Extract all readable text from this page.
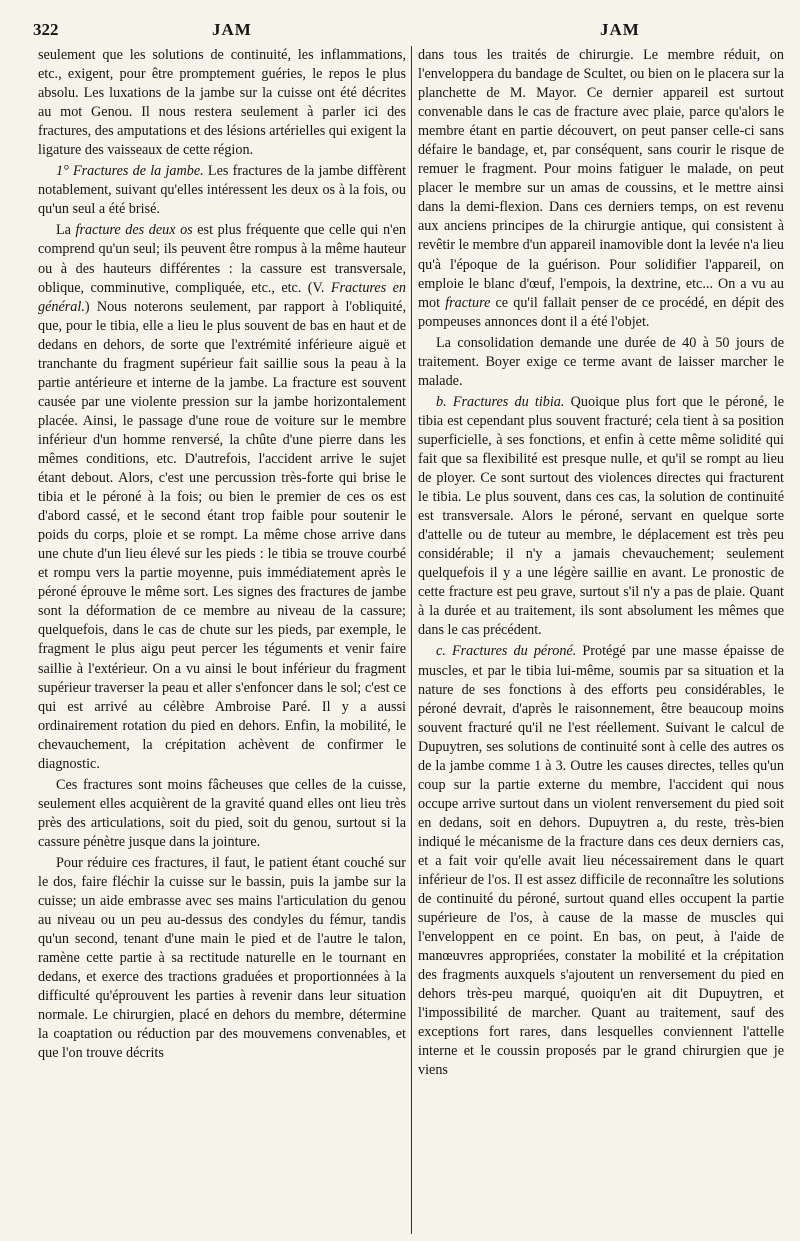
322	JAM	JAM

seulement que les solutions de continuité, les inflammations, etc., exigent, pour être promptement guéries, le repos le plus absolu. Les luxations de la jambe sur la cuisse ont été décrites au mot Genou. Il nous restera seulement à parler ici des fractures, des amputations et des lésions artérielles qui exigent la ligature des vaisseaux de cette région.

1° Fractures de la jambe. Les fractures de la jambe diffèrent notablement, suivant qu'elles intéressent les deux os à la fois, ou qu'un seul a été brisé.

La fracture des deux os est plus fréquente que celle qui n'en comprend qu'un seul; ils peuvent être rompus à la même hauteur ou à des hauteurs différentes : la cassure est transversale, oblique, comminutive, compliquée, etc., etc. (V. Fractures en général.) Nous noterons seulement, par rapport à l'obliquité, que, pour le tibia, elle a lieu le plus souvent de bas en haut et de dedans en dehors, de sorte que l'extrémité inférieure aiguë et tranchante du fragment supérieur fait saillie sous la peau à la partie antérieure et interne de la jambe. La fracture est souvent causée par une violente pression sur la jambe horizontalement placée. Ainsi, le passage d'une roue de voiture sur le membre inférieur d'un homme renversé, la chûte d'une pierre dans les mêmes conditions, etc. D'autrefois, l'accident arrive le sujet étant debout. Alors, c'est une percussion très-forte qui brise le tibia et le péroné à la fois; ou bien le premier de ces os est d'abord cassé, et le second étant trop faible pour soutenir le poids du corps, ploie et se rompt. La même chose arrive dans une chute d'un lieu élevé sur les pieds : le tibia se trouve courbé et rompu vers la partie moyenne, puis immédiatement après le péroné éprouve le même sort. Les signes des fractures de jambe sont la déformation de ce membre au niveau de la cassure; quelquefois, dans le cas de chute sur les pieds, par exemple, le fragment le plus aigu peut percer les téguments et venir faire saillie à l'extérieur. On a vu ainsi le bout inférieur du fragment supérieur traverser la peau et aller s'enfoncer dans le sol; c'est ce qui est arrivé au célèbre Ambroise Paré. Il y a aussi ordinairement rotation du pied en dehors. Enfin, la mobilité, le chevauchement, la crépitation achèvent de confirmer le diagnostic.

Ces fractures sont moins fâcheuses que celles de la cuisse, seulement elles acquièrent de la gravité quand elles ont lieu très près des articulations, soit du pied, soit du genou, surtout si la cassure pénètre jusque dans la jointure.

Pour réduire ces fractures, il faut, le patient étant couché sur le dos, faire fléchir la cuisse sur le bassin, puis la jambe sur la cuisse; un aide embrasse avec ses mains l'articulation du genou au niveau ou un peu au-dessus des condyles du fémur, tandis qu'un second, tenant d'une main le pied et de l'autre le talon, ramène cette partie à sa rectitude naturelle en le tournant en dedans, et exerce des tractions graduées et proportionnées à la difficulté qu'éprouvent les parties à revenir dans leur situation normale. Le chirurgien, placé en dehors du membre, détermine la coaptation ou réduction par des mouvemens convenables, et que l'on trouve décrits

dans tous les traités de chirurgie. Le membre réduit, on l'enveloppera du bandage de Scultet, ou bien on le placera sur la planchette de M. Mayor. Ce dernier appareil est surtout convenable dans le cas de fracture avec plaie, parce qu'alors le membre étant en partie découvert, on peut panser celle-ci sans défaire le bandage, et, par conséquent, sans courir le risque de remuer le fragment. Pour moins fatiguer le malade, on peut placer le membre sur un amas de coussins, et le mettre ainsi dans la demi-flexion. Dans ces derniers temps, on est revenu aux anciens principes de la chirurgie antique, qui consistent à revêtir le membre d'un appareil inamovible dont la levée n'a lieu qu'à l'époque de la guérison. Pour solidifier l'appareil, on emploie le blanc d'œuf, l'empois, la dextrine, etc... On a vu au mot fracture ce qu'il fallait penser de ce procédé, en dépit des pompeuses annonces dont il a été l'objet.

La consolidation demande une durée de 40 à 50 jours de traitement. Boyer exige ce terme avant de laisser marcher le malade.

b. Fractures du tibia. Quoique plus fort que le péroné, le tibia est cependant plus souvent fracturé; cela tient à sa position superficielle, à ses fonctions, et enfin à cette même solidité qui fait que sa flexibilité est presque nulle, et qu'il se rompt au lieu de ployer. Ce sont surtout des violences directes qui fracturent le tibia. Le plus souvent, dans ces cas, la solution de continuité est transversale. Alors le péroné, servant en quelque sorte d'attelle ou de tuteur au membre, le déplacement est très peu considérable; il n'y a jamais chevauchement; seulement quelquefois il y a une légère saillie en avant. Le pronostic de cette fracture est peu grave, surtout s'il n'y a pas de plaie. Quant à la durée et au traitement, ils sont absolument les mêmes que dans le cas précédent.

c. Fractures du péroné. Protégé par une masse épaisse de muscles, et par le tibia lui-même, soumis par sa situation et la nature de ses fonctions à des efforts peu considérables, le péroné devrait, d'après le raisonnement, être beaucoup moins souvent fracturé qu'il ne l'est réellement. Suivant le calcul de Dupuytren, ses solutions de continuité sont à celle des autres os de la jambe comme 1 à 3. Outre les causes directes, telles qu'un coup sur la partie externe du membre, l'accident qui nous occupe arrive surtout dans un violent renversement du pied soit en dedans, soit en dehors. Dupuytren a, du reste, très-bien indiqué le mécanisme de la fracture dans ces deux derniers cas, et a fait voir qu'elle avait lieu nécessairement dans le quart inférieur de l'os. Il est assez difficile de reconnaître les solutions de continuité du péroné, surtout quand elles occupent la partie supérieure de l'os, à cause de la masse de muscles qui l'enveloppent en ce point. En bas, on peut, à l'aide de manœuvres appropriées, constater la mobilité et la crépitation des fragments auxquels s'ajoutent un renversement du pied en dehors très-peu marqué, quoiqu'en ait dit Dupuytren, et l'impossibilité de marcher. Quant au traitement, sauf des exceptions fort rares, dans lesquelles conviennent l'attelle interne et le coussin proposés par le grand chirurgien que je viens
